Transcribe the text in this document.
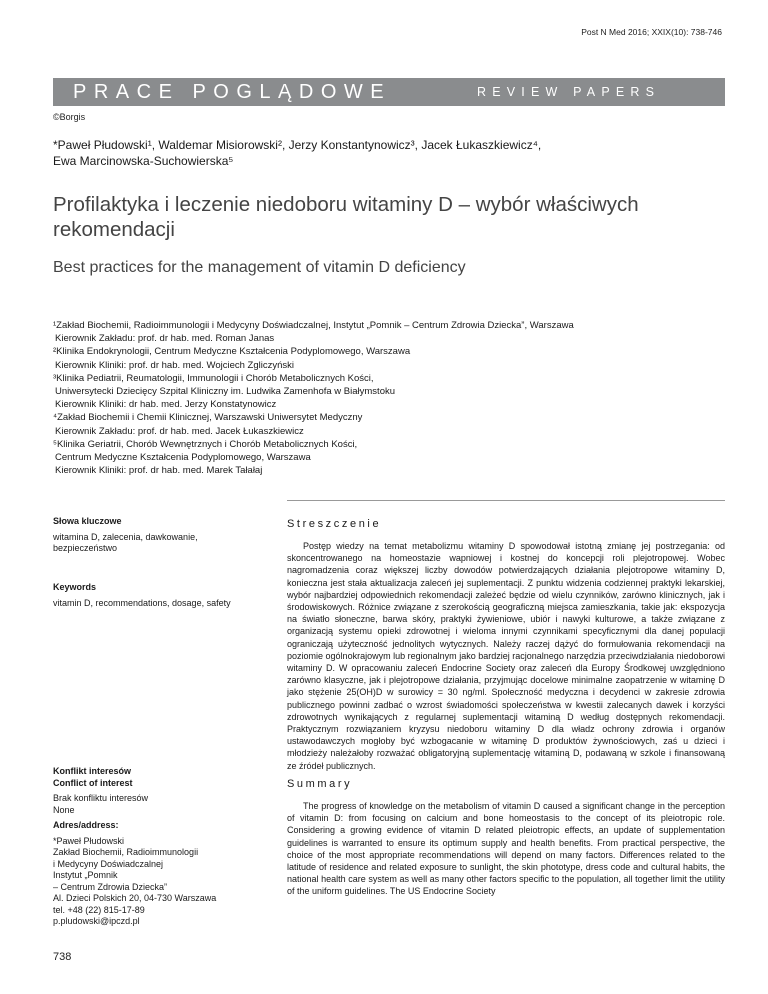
Post N Med 2016; XXIX(10): 738-746
PRACE POGLĄDOWE	REVIEW PAPERS
©Borgis
*Paweł Płudowski¹, Waldemar Misiorowski², Jerzy Konstantynowicz³, Jacek Łukaszkiewicz⁴,
Ewa Marcinowska-Suchowierska⁵
Profilaktyka i leczenie niedoboru witaminy D – wybór właściwych rekomendacji
Best practices for the management of vitamin D deficiency
¹Zakład Biochemii, Radioimmunologii i Medycyny Doświadczalnej, Instytut „Pomnik – Centrum Zdrowia Dziecka”, Warszawa
Kierownik Zakładu: prof. dr hab. med. Roman Janas
²Klinika Endokrynologii, Centrum Medyczne Kształcenia Podyplomowego, Warszawa
Kierownik Kliniki: prof. dr hab. med. Wojciech Zgliczyński
³Klinika Pediatrii, Reumatologii, Immunologii i Chorób Metabolicznych Kości,
Uniwersytecki Dziecięcy Szpital Kliniczny im. Ludwika Zamenhofa w Białymstoku
Kierownik Kliniki: dr hab. med. Jerzy Konstatynowicz
⁴Zakład Biochemii i Chemii Klinicznej, Warszawski Uniwersytet Medyczny
Kierownik Zakładu: prof. dr hab. med. Jacek Łukaszkiewicz
⁵Klinika Geriatrii, Chorób Wewnętrznych i Chorób Metabolicznych Kości,
Centrum Medyczne Kształcenia Podyplomowego, Warszawa
Kierownik Kliniki: prof. dr hab. med. Marek Tałałaj
Słowa kluczowe
witamina D, zalecenia, dawkowanie, bezpieczeństwo
Keywords
vitamin D, recommendations, dosage, safety
Konflikt interesów
Conflict of interest
Brak konfliktu interesów
None
Adres/address:
*Paweł Płudowski
Zakład Biochemii, Radioimmunologii
i Medycyny Doświadczalnej
Instytut „Pomnik
– Centrum Zdrowia Dziecka”
Al. Dzieci Polskich 20, 04-730 Warszawa
tel. +48 (22) 815-17-89
p.pludowski@ipczd.pl
Streszczenie
Postęp wiedzy na temat metabolizmu witaminy D spowodował istotną zmianę jej postrzegania: od skoncentrowanego na homeostazie wapniowej i kostnej do koncepcji roli plejotropowej. Wobec nagromadzenia coraz większej liczby dowodów potwierdzających działania plejotropowe witaminy D, konieczna jest stała aktualizacja zaleceń jej suplementacji. Z punktu widzenia codziennej praktyki lekarskiej, wybór najbardziej odpowiednich rekomendacji zależeć będzie od wielu czynników, zarówno klinicznych, jak i środowiskowych. Różnice związane z szerokością geograficzną miejsca zamieszkania, takie jak: ekspozycja na światło słoneczne, barwa skóry, praktyki żywieniowe, ubiór i nawyki kulturowe, a także związane z organizacją systemu opieki zdrowotnej i wieloma innymi czynnikami specyficznymi dla danej populacji ograniczają użyteczność jednolitych wytycznych. Należy raczej dążyć do formułowania rekomendacji na poziomie ogólnokrajowym lub regionalnym jako bardziej racjonalnego narzędzia przeciwdziałania niedoborowi witaminy D. W opracowaniu zaleceń Endocrine Society oraz zaleceń dla Europy Środkowej uwzględniono zarówno klasyczne, jak i plejotropowe działania, przyjmując docelowe minimalne zaopatrzenie w witaminę D jako stężenie 25(OH)D w surowicy = 30 ng/ml. Społeczność medyczna i decydenci w zakresie zdrowia publicznego powinni zadbać o wzrost świadomości społeczeństwa w kwestii zalecanych dawek i korzyści zdrowotnych wynikających z regularnej suplementacji witaminą D według dostępnych rekomendacji. Praktycznym rozwiązaniem kryzysu niedoboru witaminy D dla władz ochrony zdrowia i organów ustawodawczych mogłoby być wzbogacanie w witaminę D produktów żywnościowych, zaś u dzieci i młodzieży należałoby rozważać obligatoryjną suplementację witaminą D, podawaną w szkole i finansowaną ze źródeł publicznych.
Summary
The progress of knowledge on the metabolism of vitamin D caused a significant change in the perception of vitamin D: from focusing on calcium and bone homeostasis to the concept of its pleiotropic role. Considering a growing evidence of vitamin D related pleiotropic effects, an update of supplementation guidelines is warranted to ensure its optimum supply and health benefits. From practical perspective, the choice of the most appropriate recommendations will depend on many factors. Differences related to the latitude of residence and related exposure to sunlight, the skin phototype, dress code and cultural habits, the national health care system as well as many other factors specific to the population, all together limit the utility of the uniform guidelines. The US Endocrine Society
738
